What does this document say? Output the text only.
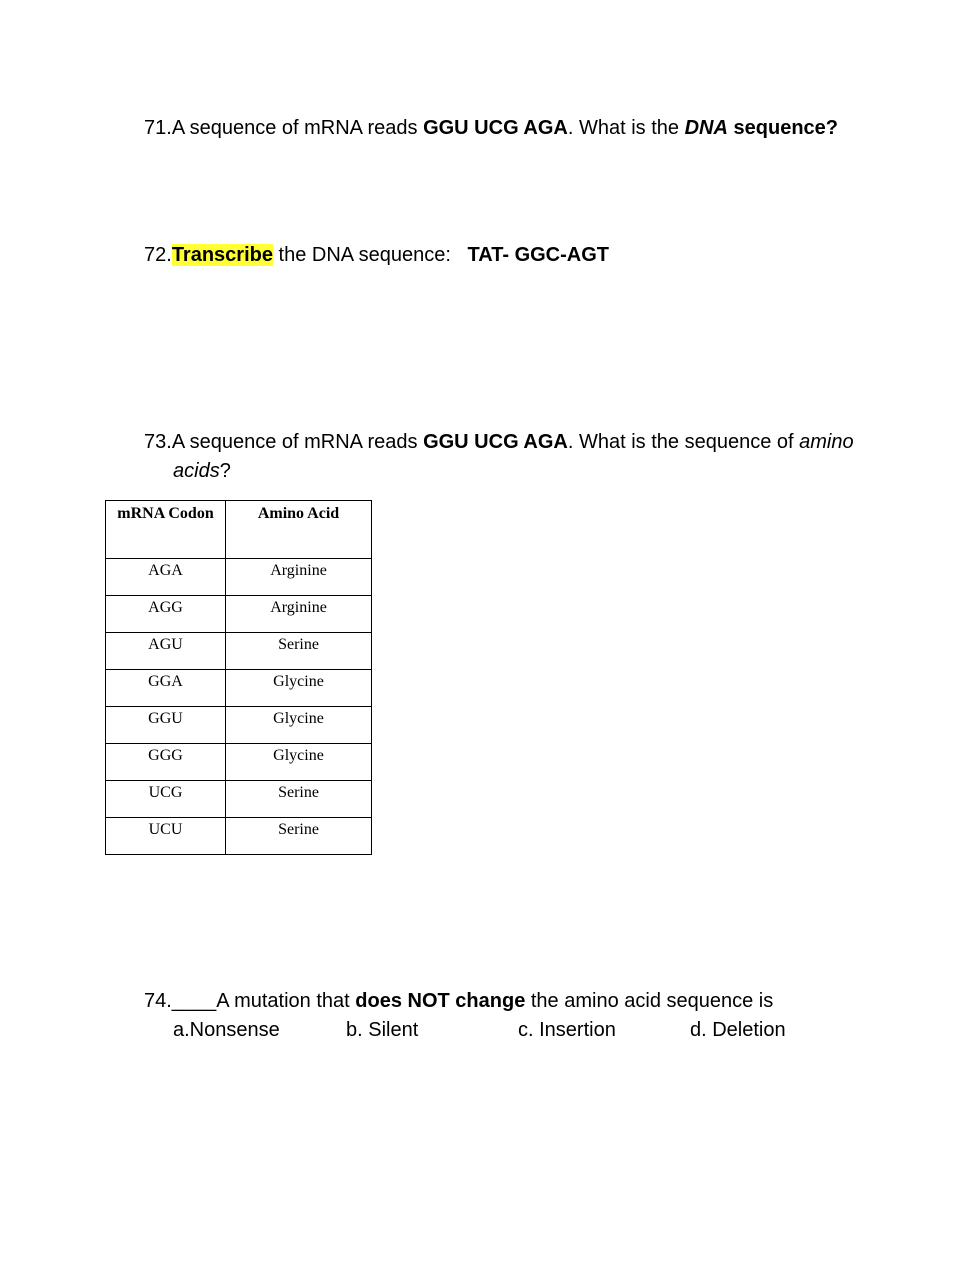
71.A sequence of mRNA reads GGU UCG AGA. What is the DNA sequence?
72.Transcribe the DNA sequence:   TAT- GGC-AGT
73.A sequence of mRNA reads GGU UCG AGA. What is the sequence of amino
acids?
mRNA Codon	Amino Acid
AGA	Arginine
AGG	Arginine
AGU	Serine
GGA	Glycine
GGU	Glycine
GGG	Glycine
UCG	Serine
UCU	Serine
74.____A mutation that does NOT change the amino acid sequence is
a.Nonsense	b. Silent	c. Insertion	d. Deletion
